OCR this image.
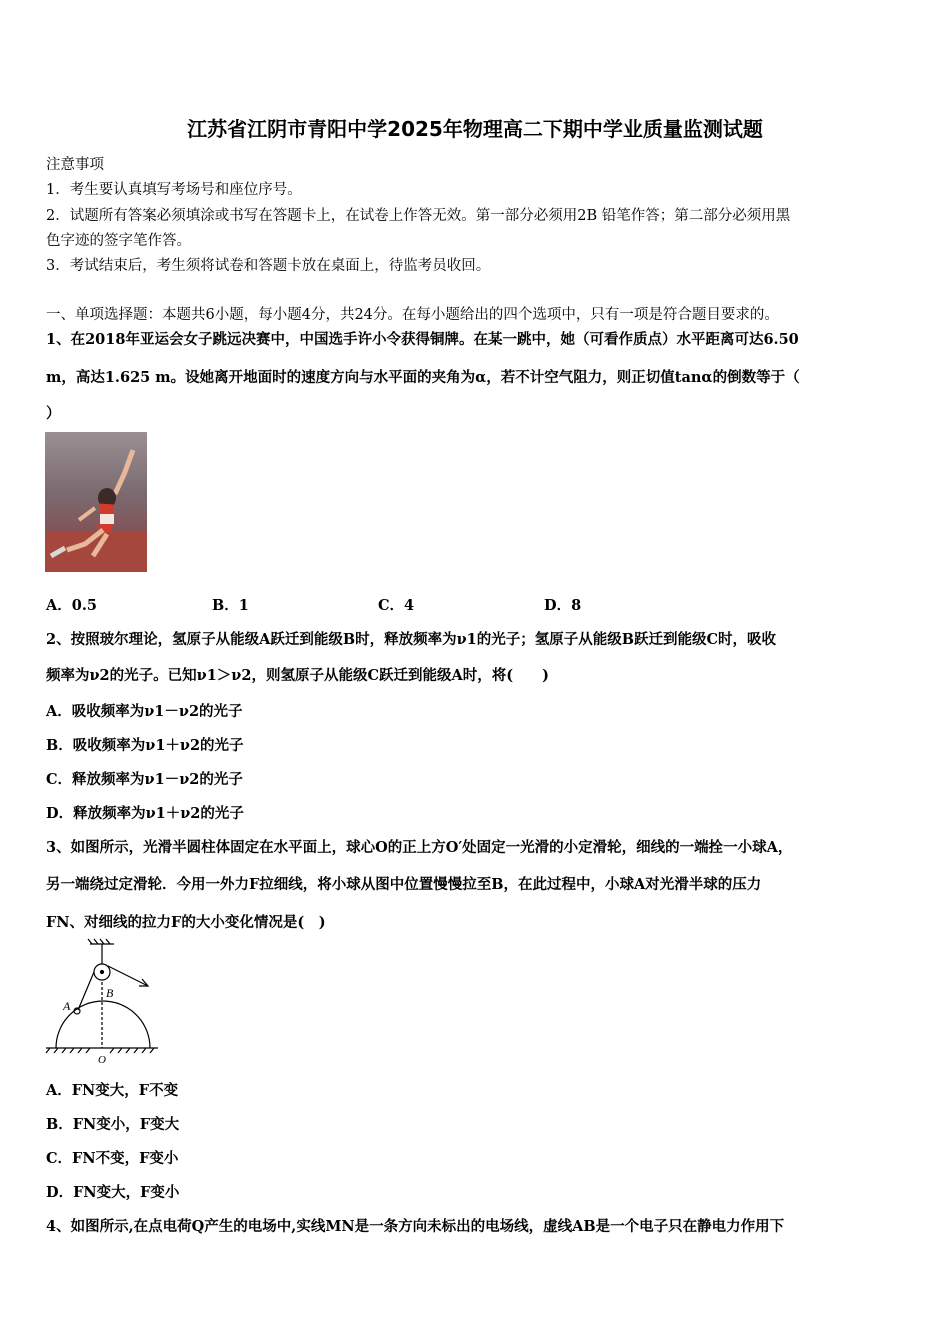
江苏省江阴市青阳中学2025年物理高二下期中学业质量监测试题
注意事项
1．考生要认真填写考场号和座位序号。
2．试题所有答案必须填涂或书写在答题卡上，在试卷上作答无效。第一部分必须用2B 铅笔作答；第二部分必须用黑
色字迹的签字笔作答。
3．考试结束后，考生须将试卷和答题卡放在桌面上，待监考员收回。
一、单项选择题：本题共6小题，每小题4分，共24分。在每小题给出的四个选项中，只有一项是符合题目要求的。
1、在2018年亚运会女子跳远决赛中，中国选手许小令获得铜牌。在某一跳中，她（可看作质点）水平距离可达6.50
m，高达1.625 m。设她离开地面时的速度方向与水平面的夹角为α，若不计空气阻力，则正切值tanα的倒数等于（
）
A．0.5	B．1	C．4	D．8
2、按照玻尔理论，氢原子从能级A跃迁到能级B时，释放频率为ν1的光子；氢原子从能级B跃迁到能级C时，吸收
频率为ν2的光子。已知ν1＞ν2，则氢原子从能级C跃迁到能级A时，将(　　)
A．吸收频率为ν1－ν2的光子
B．吸收频率为ν1＋ν2的光子
C．释放频率为ν1－ν2的光子
D．释放频率为ν1＋ν2的光子
3、如图所示，光滑半圆柱体固定在水平面上，球心O的正上方O′处固定一光滑的小定滑轮，细线的一端拴一小球A，
另一端绕过定滑轮．今用一外力F拉细线，将小球从图中位置慢慢拉至B，在此过程中，小球A对光滑半球的压力
FN、对细线的拉力F的大小变化情况是(　)
A
B
O
A．FN变大，F不变
B．FN变小，F变大
C．FN不变，F变小
D．FN变大，F变小
4、如图所示,在点电荷Q产生的电场中,实线MN是一条方向未标出的电场线，虚线AB是一个电子只在静电力作用下
